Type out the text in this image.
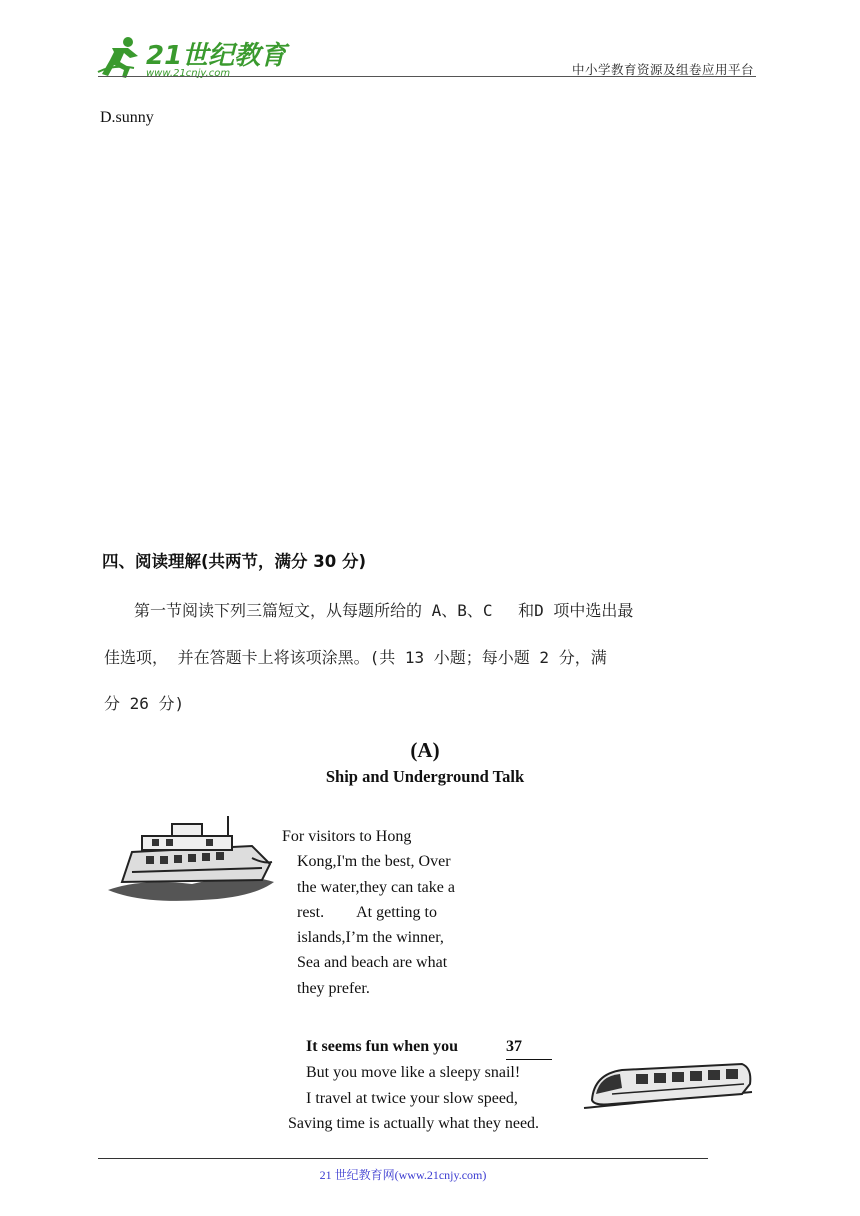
21世纪教育
www.21cnjy.com	中小学教育资源及组卷应用平台
D.sunny
四、阅读理解(共两节，满分 30 分)
第一节阅读下列三篇短文，从每题所给的 A、B、C　 和D 项中选出最
佳选项， 并在答题卡上将该项涂黑。(共 13 小题；每小题 2 分，满
分 26 分)
(A)
Ship and Underground Talk
For visitors to Hong
Kong,I'm the best, Over
the water,they can take a
rest.　　At getting to
islands,I’m the winner,
Sea and beach are what
they prefer.
It seems fun when you	37
But you move like a sleepy snail!
I travel at twice your slow speed,
Saving time is actually what they need.
21 世纪教育网(www.21cnjy.com)
